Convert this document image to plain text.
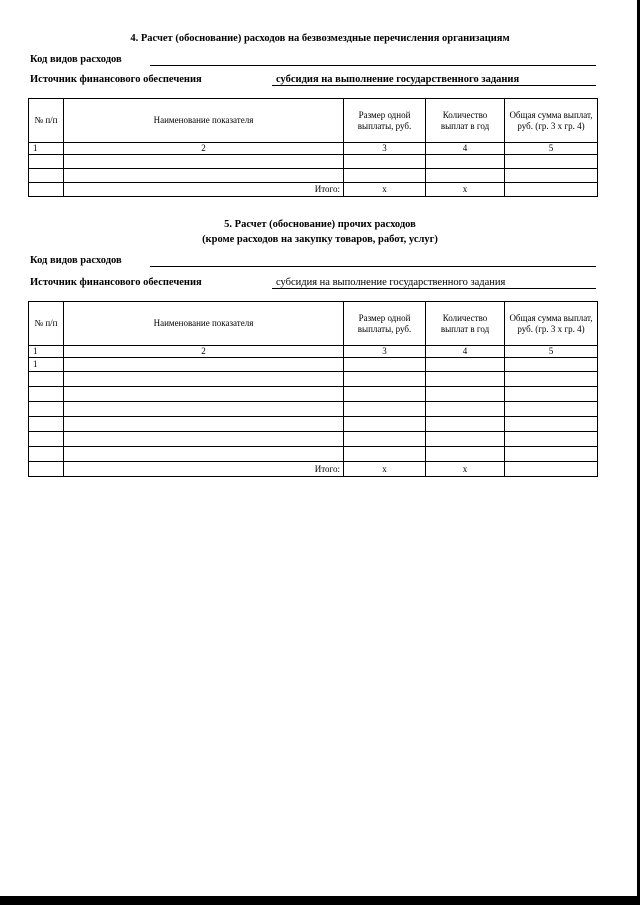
4. Расчет (обоснование) расходов на безвозмездные перечисления организациям
Код видов расходов
Источник финансового обеспечения	субсидия на выполнение государственного задания
№ п/п	Наименование показателя	Размер одной выплаты, руб.	Количество выплат в год	Общая сумма выплат, руб. (гр. 3 х гр. 4)
1	2	3	4	5

	Итого:	x	x	
5. Расчет (обоснование) прочих расходов
(кроме расходов на закупку товаров, работ, услуг)
Код видов расходов
Источник финансового обеспечения	субсидия на выполнение государственного задания
№ п/п	Наименование показателя	Размер одной выплаты, руб.	Количество выплат в год	Общая сумма выплат, руб. (гр. 3 х гр. 4)
1	2	3	4	5
1				

	Итого:	x	x	
